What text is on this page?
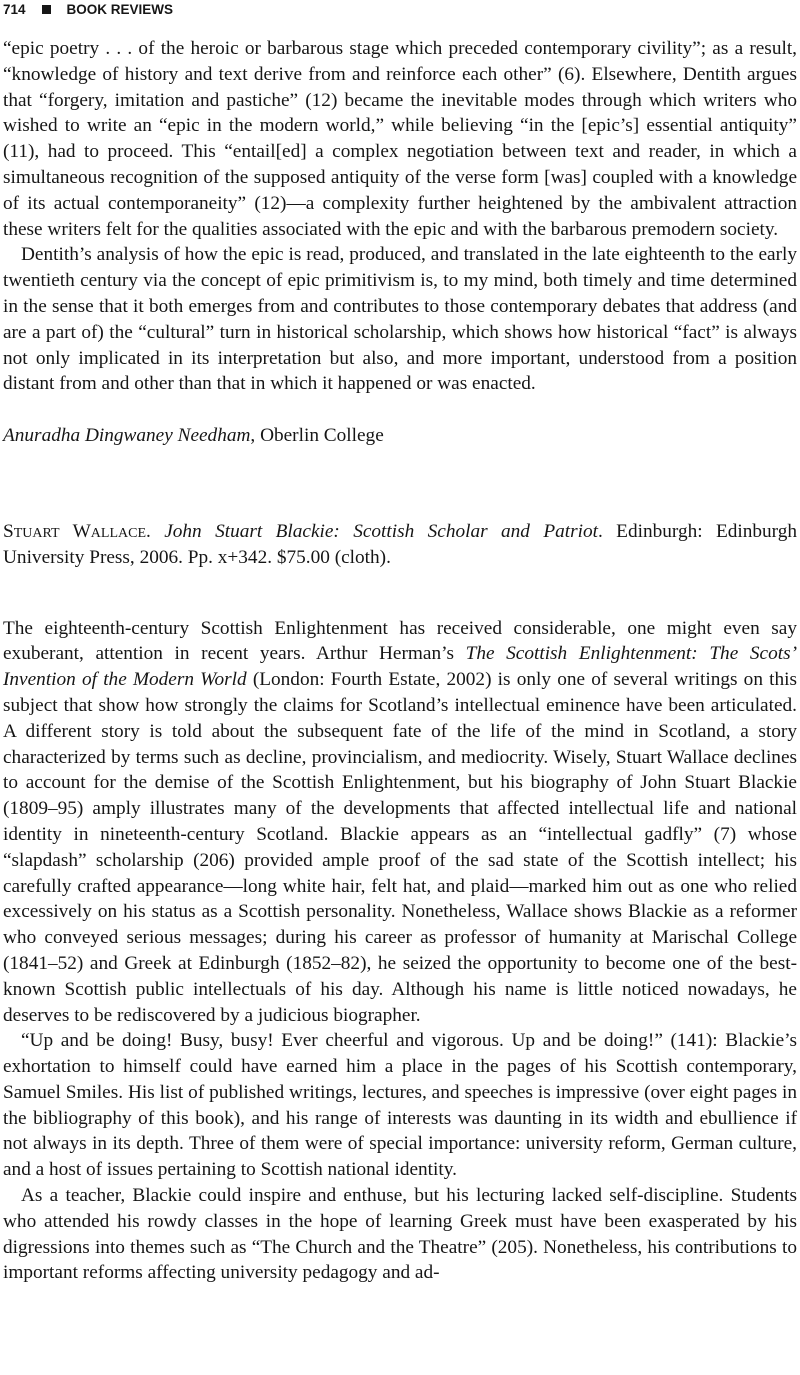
714	BOOK REVIEWS

“epic poetry . . . of the heroic or barbarous stage which preceded contemporary civility”; as a result, “knowledge of history and text derive from and reinforce each other” (6). Elsewhere, Dentith argues that “forgery, imitation and pastiche” (12) became the inevitable modes through which writers who wished to write an “epic in the modern world,” while believing “in the [epic’s] essential antiquity” (11), had to proceed. This “entail[ed] a complex negotiation between text and reader, in which a simultaneous recognition of the supposed antiquity of the verse form [was] coupled with a knowledge of its actual contemporaneity” (12)—a complexity further heightened by the ambivalent attraction these writers felt for the qualities associated with the epic and with the barbarous premodern society.

Dentith’s analysis of how the epic is read, produced, and translated in the late eighteenth to the early twentieth century via the concept of epic primitivism is, to my mind, both timely and time determined in the sense that it both emerges from and contributes to those contemporary debates that address (and are a part of) the “cultural” turn in historical scholarship, which shows how historical “fact” is always not only implicated in its interpretation but also, and more important, understood from a position distant from and other than that in which it happened or was enacted.

Anuradha Dingwaney Needham, Oberlin College

Stuart Wallace. John Stuart Blackie: Scottish Scholar and Patriot. Edinburgh: Edinburgh University Press, 2006. Pp. x+342. $75.00 (cloth).

The eighteenth-century Scottish Enlightenment has received considerable, one might even say exuberant, attention in recent years. Arthur Herman’s The Scottish Enlightenment: The Scots’ Invention of the Modern World (London: Fourth Estate, 2002) is only one of several writings on this subject that show how strongly the claims for Scotland’s intellectual eminence have been articulated. A different story is told about the subsequent fate of the life of the mind in Scotland, a story characterized by terms such as decline, provincialism, and mediocrity. Wisely, Stuart Wallace declines to account for the demise of the Scottish Enlightenment, but his biography of John Stuart Blackie (1809–95) amply illustrates many of the developments that affected intellectual life and national identity in nineteenth-century Scotland. Blackie appears as an “intellectual gadfly” (7) whose “slapdash” scholarship (206) provided ample proof of the sad state of the Scottish intellect; his carefully crafted appearance—long white hair, felt hat, and plaid—marked him out as one who relied excessively on his status as a Scottish personality. Nonetheless, Wallace shows Blackie as a reformer who conveyed serious messages; during his career as professor of humanity at Marischal College (1841–52) and Greek at Edinburgh (1852–82), he seized the opportunity to become one of the best-known Scottish public intellectuals of his day. Although his name is little noticed nowadays, he deserves to be rediscovered by a judicious biographer.

“Up and be doing! Busy, busy! Ever cheerful and vigorous. Up and be doing!” (141): Blackie’s exhortation to himself could have earned him a place in the pages of his Scottish contemporary, Samuel Smiles. His list of published writings, lectures, and speeches is impressive (over eight pages in the bibliography of this book), and his range of interests was daunting in its width and ebullience if not always in its depth. Three of them were of special importance: university reform, German culture, and a host of issues pertaining to Scottish national identity.

As a teacher, Blackie could inspire and enthuse, but his lecturing lacked self-discipline. Students who attended his rowdy classes in the hope of learning Greek must have been exasperated by his digressions into themes such as “The Church and the Theatre” (205). Nonetheless, his contributions to important reforms affecting university pedagogy and ad-
